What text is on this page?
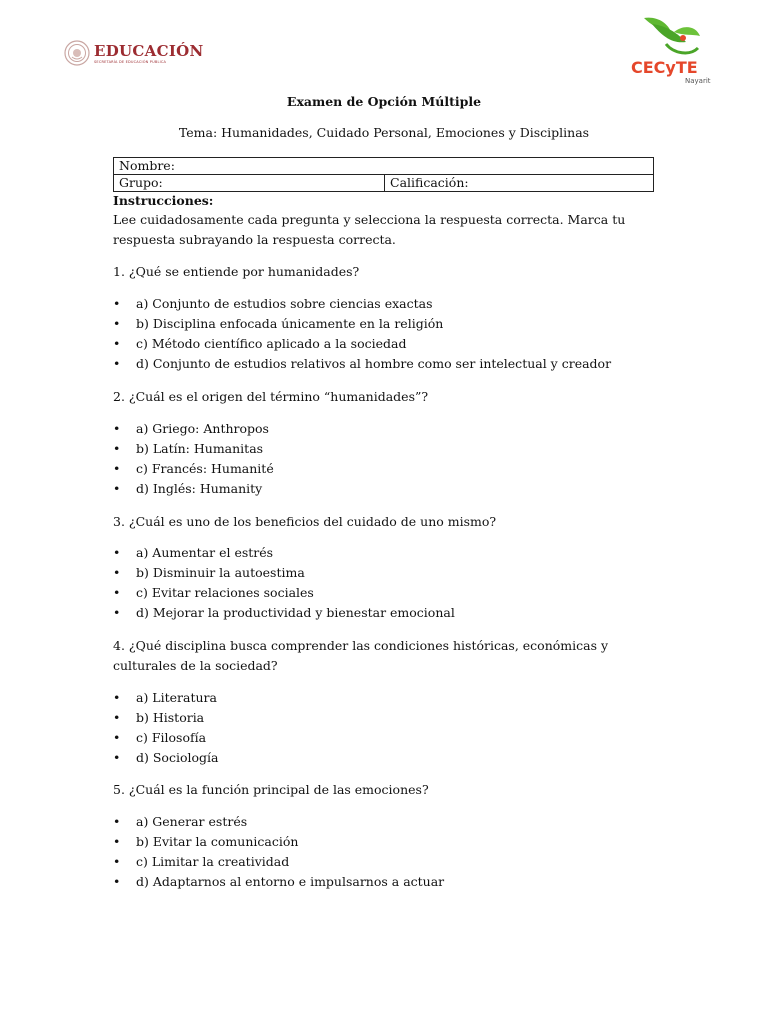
EDUCACIÓN
SECRETARÍA DE EDUCACIÓN PÚBLICA	CECyTE
Nayarit
Examen de Opción Múltiple
Tema: Humanidades, Cuidado Personal, Emociones y Disciplinas
Nombre:
Grupo:	Calificación:
Instrucciones:
Lee cuidadosamente cada pregunta y selecciona la respuesta correcta. Marca tu respuesta subrayando la respuesta correcta.
1. ¿Qué se entiende por humanidades?
• a) Conjunto de estudios sobre ciencias exactas
• b) Disciplina enfocada únicamente en la religión
• c) Método científico aplicado a la sociedad
• d) Conjunto de estudios relativos al hombre como ser intelectual y creador
2. ¿Cuál es el origen del término “humanidades”?
• a) Griego: Anthropos
• b) Latín: Humanitas
• c) Francés: Humanité
• d) Inglés: Humanity
3. ¿Cuál es uno de los beneficios del cuidado de uno mismo?
• a) Aumentar el estrés
• b) Disminuir la autoestima
• c) Evitar relaciones sociales
• d) Mejorar la productividad y bienestar emocional
4. ¿Qué disciplina busca comprender las condiciones históricas, económicas y culturales de la sociedad?
• a) Literatura
• b) Historia
• c) Filosofía
• d) Sociología
5. ¿Cuál es la función principal de las emociones?
• a) Generar estrés
• b) Evitar la comunicación
• c) Limitar la creatividad
• d) Adaptarnos al entorno e impulsarnos a actuar
